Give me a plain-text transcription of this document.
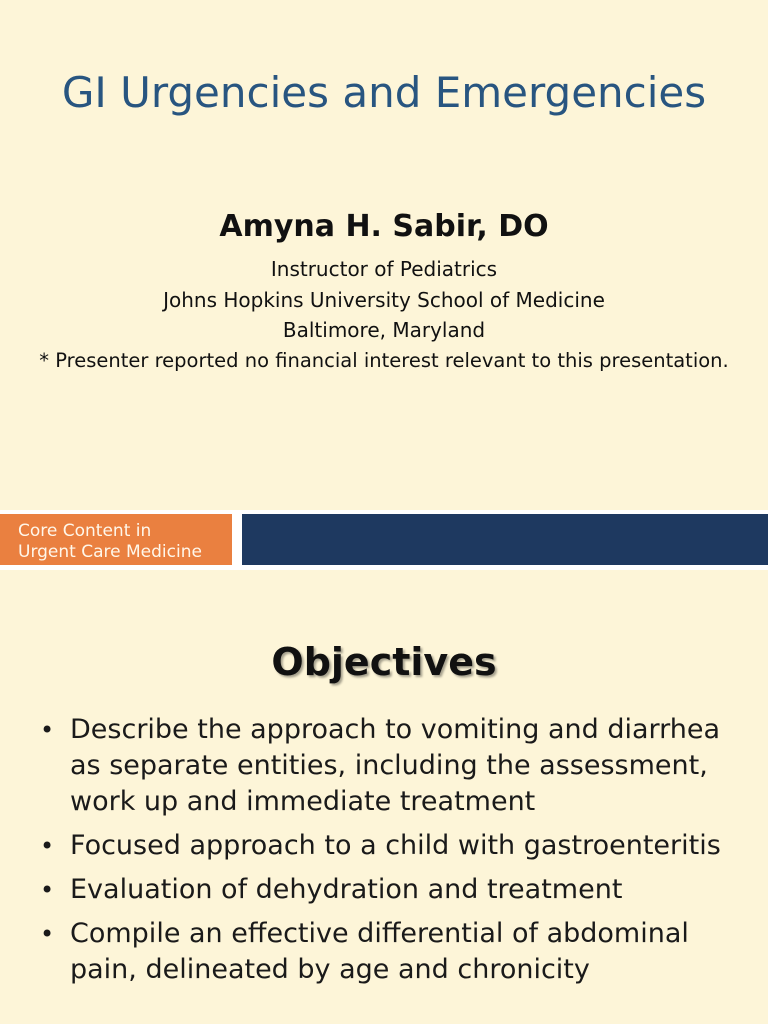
GI Urgencies and Emergencies
Amyna H. Sabir, DO
Instructor of Pediatrics
Johns Hopkins University School of Medicine
Baltimore, Maryland
* Presenter reported no financial interest relevant to this presentation.
Core Content in
Urgent Care Medicine
Objectives
• Describe the approach to vomiting and diarrhea as separate entities, including the assessment, work up and immediate treatment
• Focused approach to a child with gastroenteritis
• Evaluation of dehydration and treatment
• Compile an effective differential of abdominal pain, delineated by age and chronicity
